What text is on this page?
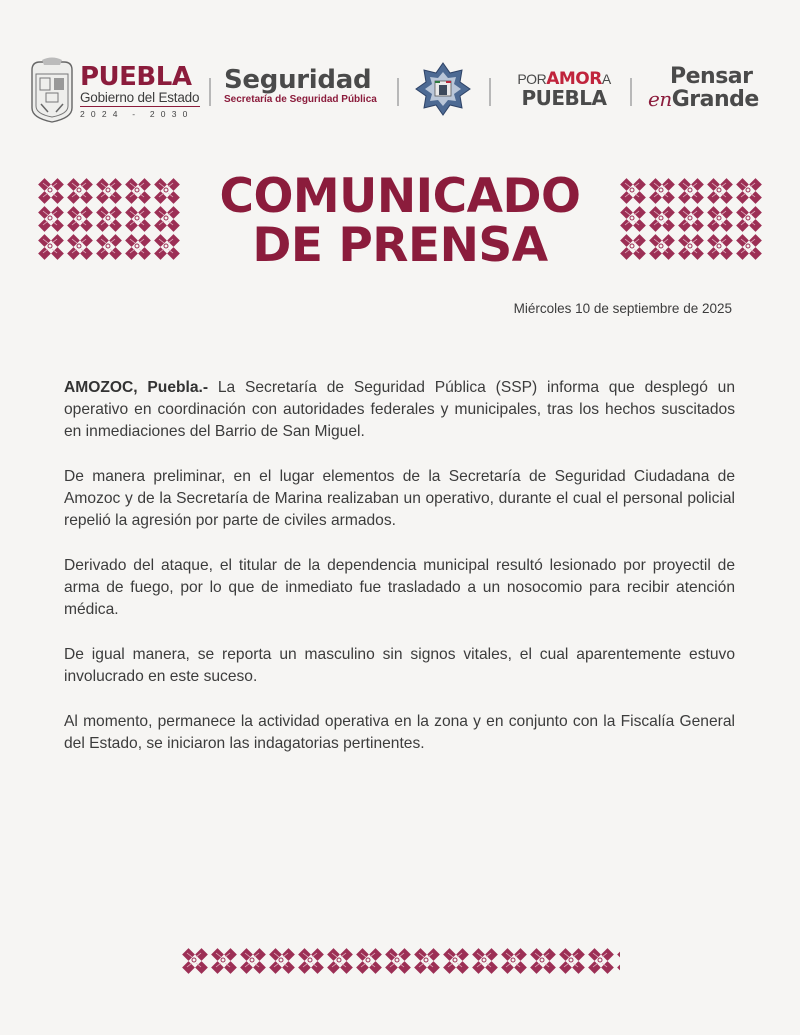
PUEBLA
Gobierno del Estado
2024 - 2030
Seguridad
Secretaría de Seguridad Pública
PORAMORA
PUEBLA
Pensar
enGrande
COMUNICADO
DE PRENSA
Miércoles 10 de septiembre de 2025

AMOZOC, Puebla.- La Secretaría de Seguridad Pública (SSP) informa que desplegó un operativo en coordinación con autoridades federales y municipales, tras los hechos suscitados en inmediaciones del Barrio de San Miguel.

De manera preliminar, en el lugar elementos de la Secretaría de Seguridad Ciudadana de Amozoc y de la Secretaría de Marina realizaban un operativo, durante el cual el personal policial repelió la agresión por parte de civiles armados.

Derivado del ataque, el titular de la dependencia municipal resultó lesionado por proyectil de arma de fuego, por lo que de inmediato fue trasladado a un nosocomio para recibir atención médica.

De igual manera, se reporta un masculino sin signos vitales, el cual aparentemente estuvo involucrado en este suceso.

Al momento, permanece la actividad operativa en la zona y en conjunto con la Fiscalía General del Estado, se iniciaron las indagatorias pertinentes.
